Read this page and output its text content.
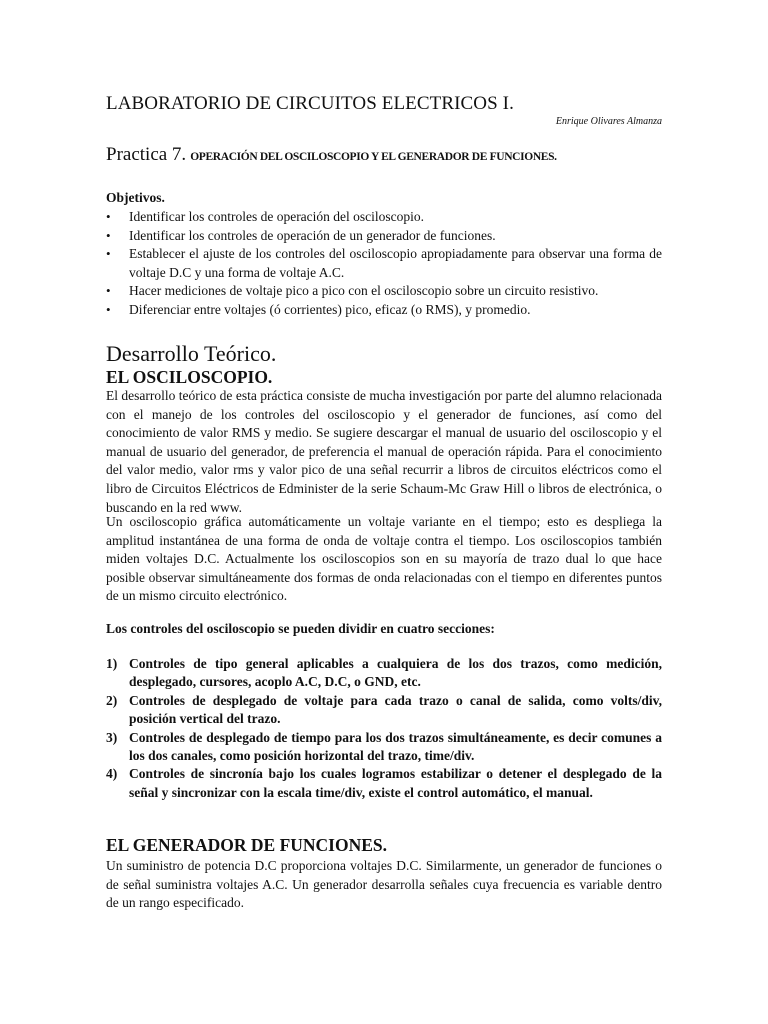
LABORATORIO DE CIRCUITOS ELECTRICOS I.
Enrique Olivares Almanza
Practica 7. OPERACIÓN DEL OSCILOSCOPIO Y EL GENERADOR DE FUNCIONES.
Objetivos.
• Identificar los controles de operación del osciloscopio.
• Identificar los controles de operación de un generador de funciones.
• Establecer el ajuste de los controles del osciloscopio apropiadamente para observar una forma de voltaje D.C y una forma de voltaje A.C.
• Hacer mediciones de voltaje pico a pico con el osciloscopio sobre un circuito resistivo.
• Diferenciar entre voltajes (ó corrientes) pico, eficaz (o RMS), y promedio.
Desarrollo Teórico.
EL OSCILOSCOPIO.

El desarrollo teórico de esta práctica consiste de mucha investigación por parte del alumno relacionada con el manejo de los controles del osciloscopio y el generador de funciones, así como del conocimiento de valor RMS y medio. Se sugiere descargar el manual de usuario del osciloscopio y el manual de usuario del generador, de preferencia el manual de operación rápida. Para el conocimiento del valor medio, valor rms y valor pico de una señal recurrir a libros de circuitos eléctricos como el libro de Circuitos Eléctricos de Edminister de la serie Schaum-Mc Graw Hill o libros de electrónica, o buscando en la red www.

Un osciloscopio gráfica automáticamente un voltaje variante en el tiempo; esto es despliega la amplitud instantánea de una forma de onda de voltaje contra el tiempo. Los osciloscopios también miden voltajes D.C. Actualmente los osciloscopios son en su mayoría de trazo dual lo que hace posible observar simultáneamente dos formas de onda relacionadas con el tiempo en diferentes puntos de un mismo circuito electrónico.

Los controles del osciloscopio se pueden dividir en cuatro secciones:
1) Controles de tipo general aplicables a cualquiera de los dos trazos, como medición, desplegado, cursores, acoplo A.C, D.C, o GND, etc.
2) Controles de desplegado de voltaje para cada trazo o canal de salida, como volts/div, posición vertical del trazo.
3) Controles de desplegado de tiempo para los dos trazos simultáneamente, es decir comunes a los dos canales, como posición horizontal del trazo, time/div.
4) Controles de sincronía bajo los cuales logramos estabilizar o detener el desplegado de la señal y sincronizar con la escala time/div, existe el control automático, el manual.
EL GENERADOR DE FUNCIONES.

Un suministro de potencia D.C proporciona voltajes D.C. Similarmente, un generador de funciones o de señal suministra voltajes A.C. Un generador desarrolla señales cuya frecuencia es variable dentro de un rango especificado.
